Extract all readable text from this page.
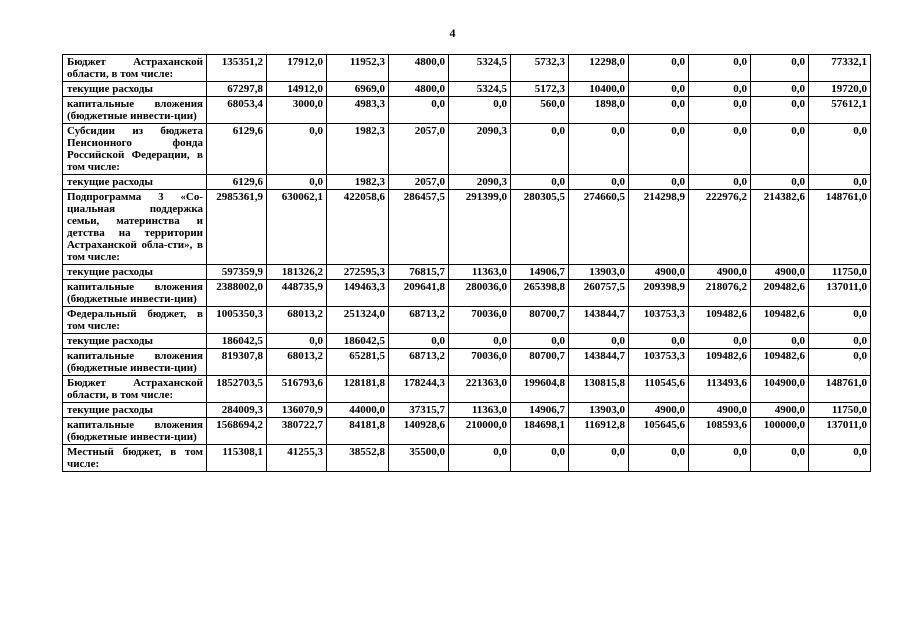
4
Бюджет Астраханской области, в том числе:	135351,2	17912,0	11952,3	4800,0	5324,5	5732,3	12298,0	0,0	0,0	0,0	77332,1
текущие расходы	67297,8	14912,0	6969,0	4800,0	5324,5	5172,3	10400,0	0,0	0,0	0,0	19720,0
капитальные вложения (бюджетные инвести-ции)	68053,4	3000,0	4983,3	0,0	0,0	560,0	1898,0	0,0	0,0	0,0	57612,1
Субсидии из бюджета Пенсионного фонда Российской Федерации, в том числе:	6129,6	0,0	1982,3	2057,0	2090,3	0,0	0,0	0,0	0,0	0,0	0,0
текущие расходы	6129,6	0,0	1982,3	2057,0	2090,3	0,0	0,0	0,0	0,0	0,0	0,0
Подпрограмма 3 «Со-циальная поддержка семьи, материнства и детства на территории Астраханской обла-сти», в том числе:	2985361,9	630062,1	422058,6	286457,5	291399,0	280305,5	274660,5	214298,9	222976,2	214382,6	148761,0
текущие расходы	597359,9	181326,2	272595,3	76815,7	11363,0	14906,7	13903,0	4900,0	4900,0	4900,0	11750,0
капитальные вложения (бюджетные инвести-ции)	2388002,0	448735,9	149463,3	209641,8	280036,0	265398,8	260757,5	209398,9	218076,2	209482,6	137011,0
Федеральный бюджет, в том числе:	1005350,3	68013,2	251324,0	68713,2	70036,0	80700,7	143844,7	103753,3	109482,6	109482,6	0,0
текущие расходы	186042,5	0,0	186042,5	0,0	0,0	0,0	0,0	0,0	0,0	0,0	0,0
капитальные вложения (бюджетные инвести-ции)	819307,8	68013,2	65281,5	68713,2	70036,0	80700,7	143844,7	103753,3	109482,6	109482,6	0,0
Бюджет Астраханской области, в том числе:	1852703,5	516793,6	128181,8	178244,3	221363,0	199604,8	130815,8	110545,6	113493,6	104900,0	148761,0
текущие расходы	284009,3	136070,9	44000,0	37315,7	11363,0	14906,7	13903,0	4900,0	4900,0	4900,0	11750,0
капитальные вложения (бюджетные инвести-ции)	1568694,2	380722,7	84181,8	140928,6	210000,0	184698,1	116912,8	105645,6	108593,6	100000,0	137011,0
Местный бюджет, в том числе:	115308,1	41255,3	38552,8	35500,0	0,0	0,0	0,0	0,0	0,0	0,0	0,0
